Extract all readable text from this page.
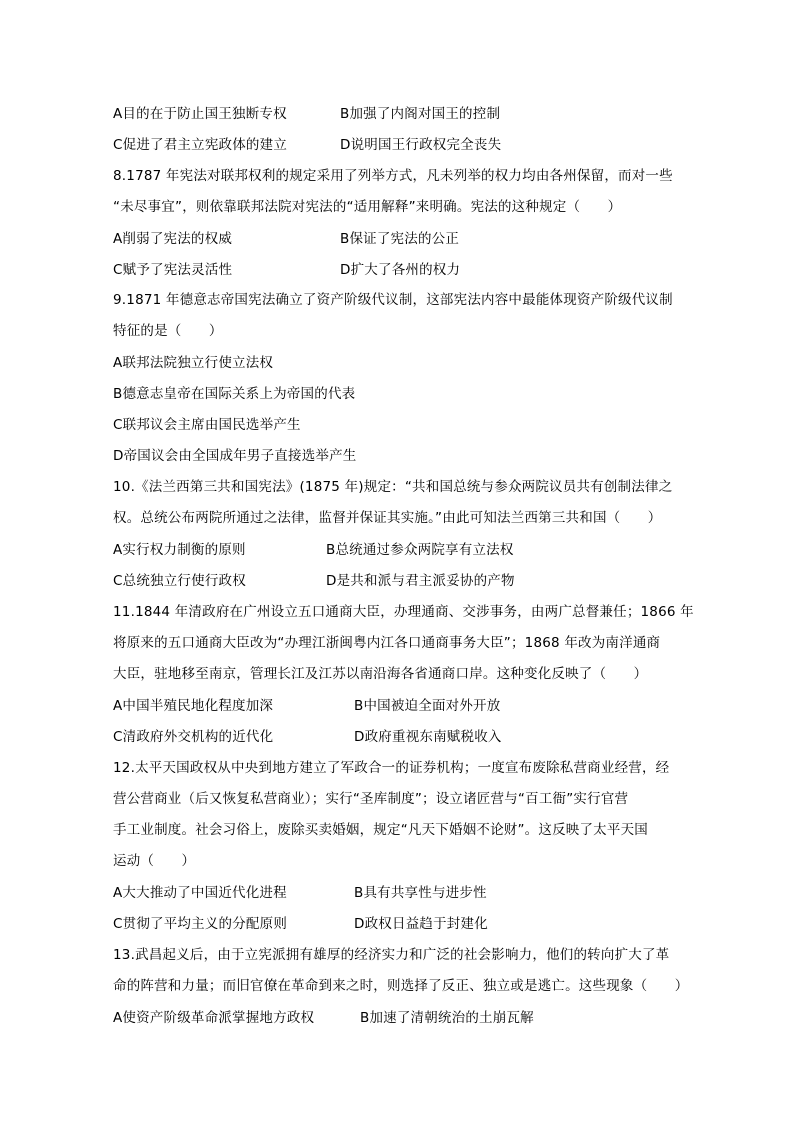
A目的在于防止国王独断专权	B加强了内阁对国王的控制
C促进了君主立宪政体的建立	D说明国王行政权完全丧失
8.1787 年宪法对联邦权利的规定采用了列举方式，凡未列举的权力均由各州保留，而对一些
“未尽事宜”，则依靠联邦法院对宪法的“适用解释”来明确。宪法的这种规定（　　）
A削弱了宪法的权威	B保证了宪法的公正
C赋予了宪法灵活性	D扩大了各州的权力
9.1871 年德意志帝国宪法确立了资产阶级代议制，这部宪法内容中最能体现资产阶级代议制
特征的是（　　）
A联邦法院独立行使立法权
B德意志皇帝在国际关系上为帝国的代表
C联邦议会主席由国民选举产生
D帝国议会由全国成年男子直接选举产生
10.《法兰西第三共和国宪法》(1875 年)规定：“共和国总统与参众两院议员共有创制法律之
权。总统公布两院所通过之法律，监督并保证其实施。”由此可知法兰西第三共和国（　　）
A实行权力制衡的原则	B总统通过参众两院享有立法权
C总统独立行使行政权	D是共和派与君主派妥协的产物
11.1844 年清政府在广州设立五口通商大臣，办理通商、交涉事务，由两广总督兼任；1866 年
将原来的五口通商大臣改为“办理江浙闽粤内江各口通商事务大臣”；1868 年改为南洋通商
大臣，驻地移至南京，管理长江及江苏以南沿海各省通商口岸。这种变化反映了（　　）
A中国半殖民地化程度加深	B中国被迫全面对外开放
C清政府外交机构的近代化	D政府重视东南赋税收入
12.太平天国政权从中央到地方建立了军政合一的证券机构；一度宣布废除私营商业经营，经
营公营商业（后又恢复私营商业）；实行“圣库制度”；设立诸匠营与“百工衙”实行官营
手工业制度。社会习俗上，废除买卖婚姻，规定“凡天下婚姻不论财”。这反映了太平天国
运动（　　）
A大大推动了中国近代化进程	B具有共享性与进步性
C贯彻了平均主义的分配原则	D政权日益趋于封建化
13.武昌起义后，由于立宪派拥有雄厚的经济实力和广泛的社会影响力，他们的转向扩大了革
命的阵营和力量；而旧官僚在革命到来之时，则选择了反正、独立或是逃亡。这些现象（　　）
A使资产阶级革命派掌握地方政权	B加速了清朝统治的土崩瓦解
